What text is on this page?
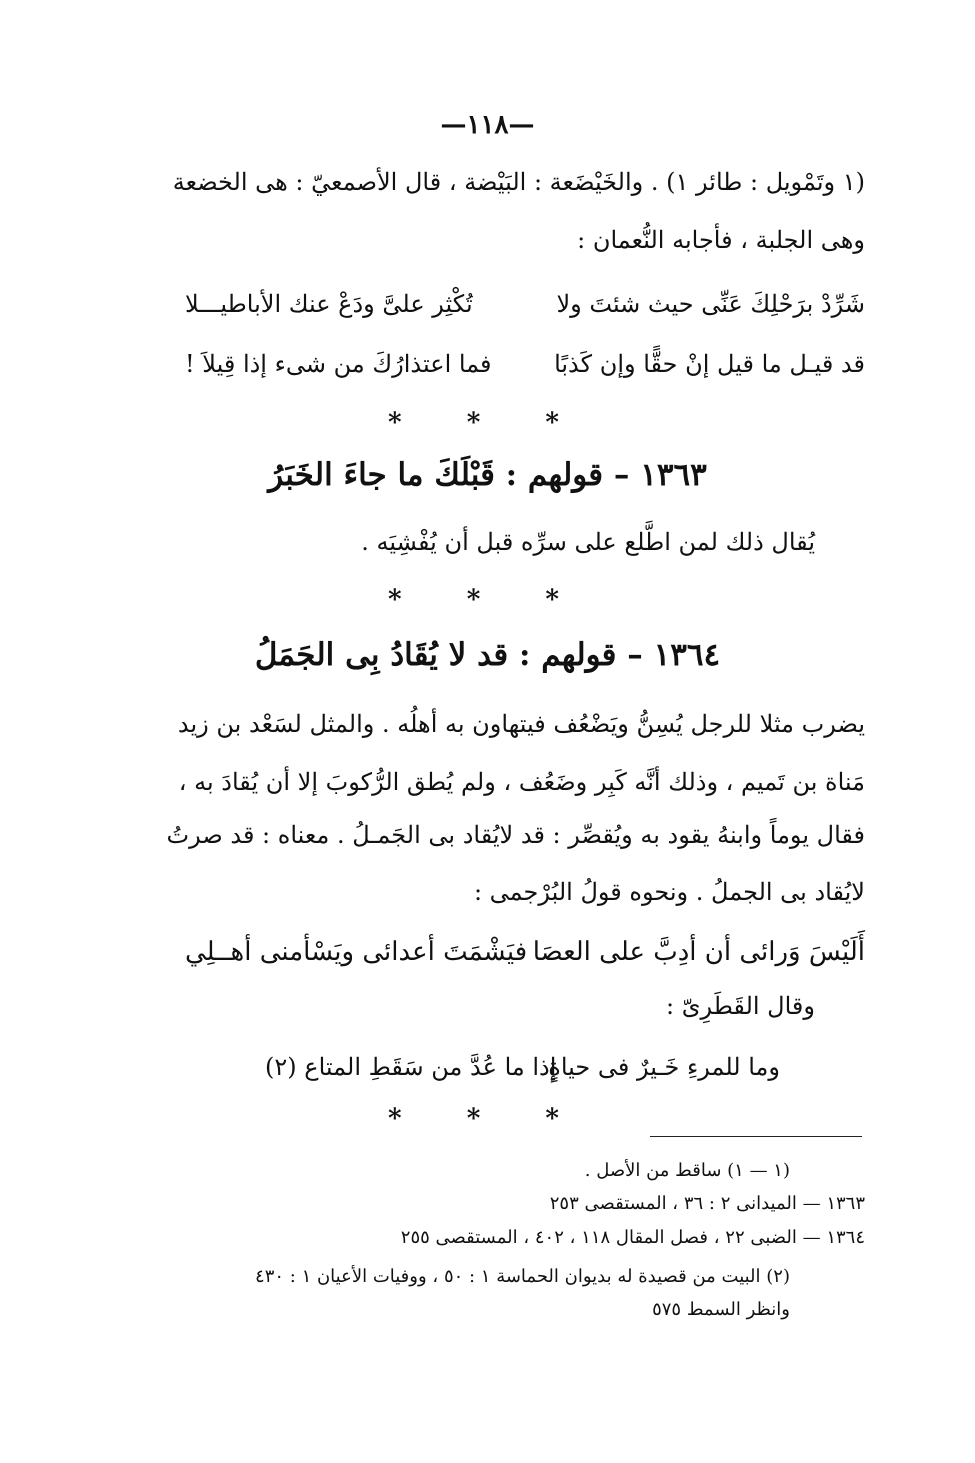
—١١٨—
(١ وتَمْويل : طائر ١) . والخَيْضَعة : البَيْضة ، قال الأصمعيّ : هى الخضعة
وهى الجلبة ، فأجابه النُّعمان :
شَرِّدْ برَحْلِكَ عَنِّى حيث شئتَ ولا
تُكْثِر علىَّ ودَعْ عنك الأباطيـــلا
قد قيـل ما قيل إنْ حقًّا وإن كَذبًا
فما اعتذارُكَ من شىء إذا قِيلاَ !
* * *
١٣٦٣ – قولهم : قَبْلَكَ ما جاءَ الخَبَرُ
يُقال ذلك لمن اطَّلع على سرِّه قبل أن يُفْشِيَه .
* * *
١٣٦٤ – قولهم : قد لا يُقَادُ بِى الجَمَلُ
يضرب مثلا للرجل يُسِنُّ ويَضْعُف فيتهاون به أهلُه . والمثل لسَعْد بن زيد
مَناة بن تَميم ، وذلك أنَّه كَبِر وضَعُف ، ولم يُطق الرُّكوبَ إلا أن يُقادَ به ،
فقال يوماً وابنهُ يقود به ويُقصِّر : قد لايُقاد بى الجَمـلُ . معناه : قد صرتُ
لايُقاد بى الجملُ . ونحوه قولُ البُرْجمى :
أَلَيْسَ وَرائى أن أدِبَّ على العصَا
فيَشْمَتَ أعدائى ويَسْأمنى أهــلِي
وقال القَطَرِىّ :
وما للمرءِ خَـيرٌ فى حياةٍ
إذا ما عُدَّ من سَقَطِ المتاع (٢)
* * *
(١ — ١) ساقط من الأصل .
١٣٦٣ — الميدانى ٢ : ٣٦ ، المستقصى ٢٥٣
١٣٦٤ — الضبى ٢٢ ، فصل المقال ١١٨ ، ٤٠٢ ، المستقصى ٢٥٥
(٢) البيت من قصيدة له بديوان الحماسة ١ : ٥٠ ، ووفيات الأعيان ١ : ٤٣٠
وانظر السمط ٥٧٥
